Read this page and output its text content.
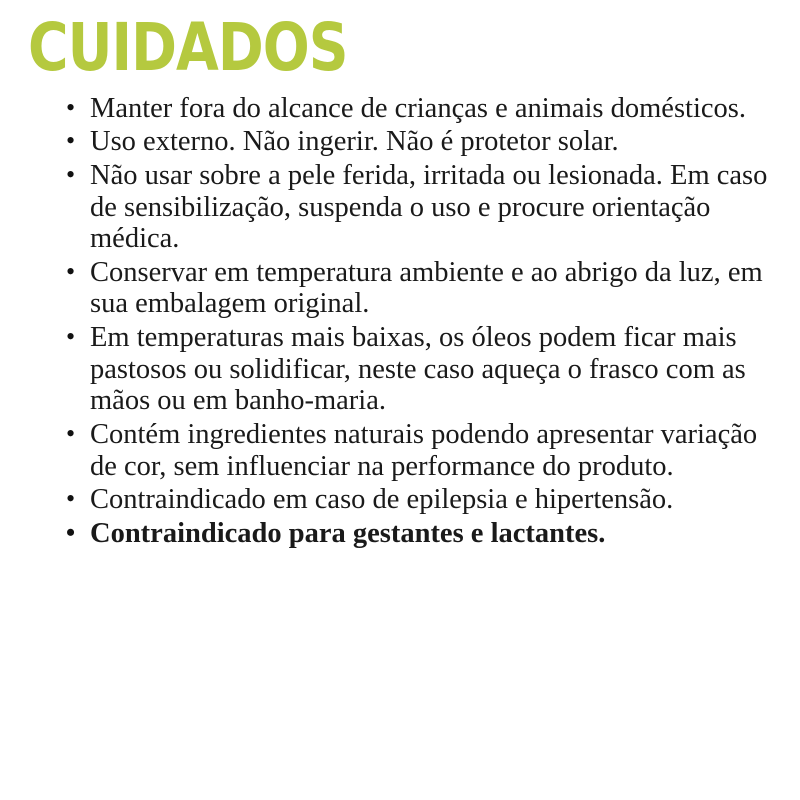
CUIDADOS
• Manter fora do alcance de crianças e animais domésticos.
• Uso externo. Não ingerir. Não é protetor solar.
• Não usar sobre a pele ferida, irritada ou lesionada. Em caso de sensibilização, suspenda o uso e procure orientação médica.
• Conservar em temperatura ambiente e ao abrigo da luz, em sua embalagem original.
• Em temperaturas mais baixas, os óleos podem ficar mais pastosos ou solidificar, neste caso aqueça o frasco com as mãos ou em banho-maria.
• Contém ingredientes naturais podendo apresentar variação de cor, sem influenciar na performance do produto.
• Contraindicado em caso de epilepsia e hipertensão.
• Contraindicado para gestantes e lactantes.
